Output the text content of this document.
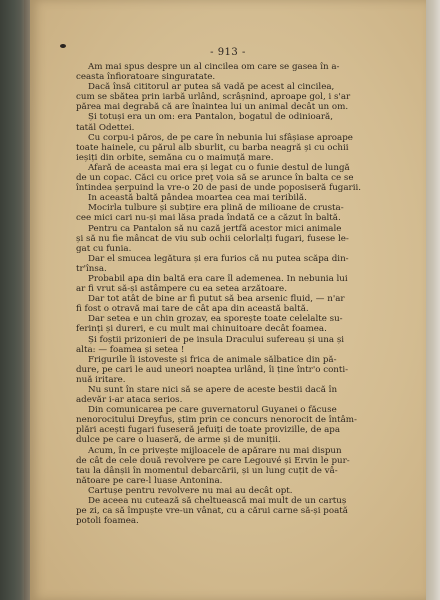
- 913 -
Am mai spus despre un al cincilea om care se gasea în a-
ceasta înfioratoare singuratate.
Dacă însă cititorul ar putea să vadă pe acest al cincilea,
cum se sbătea prin iarbă urlând, scrâșnind, aproape gol, i s'ar
părea mai degrabă că are înaintea lui un animal decât un om.
Și totuși era un om: era Pantalon, bogatul de odinioară,
tatăl Odettei.
Cu corpu-i păros, de pe care în nebunia lui sfâșiase aproape
toate hainele, cu părul alb sburlit, cu barba neagră și cu ochii
ieșiți din orbite, semăna cu o maimuță mare.
Afară de aceasta mai era și legat cu o funie destul de lungă
de un copac. Căci cu orice preț voia să se arunce în balta ce se
întindea șerpuind la vre-o 20 de pasi de unde poposiseră fugarii.
In această baltă pândea moartea cea mai teribilă.
Mocirla tulbure și subțire era plină de milioane de crusta-
cee mici cari nu-și mai lăsa prada îndată ce a căzut în baltă.
Pentru ca Pantalon să nu cază jertfă acestor mici animale
și să nu fie mâncat de viu sub ochii celorlalți fugari, fusese le-
gat cu funia.
Dar el smucea legătura și era furios că nu putea scăpa din-
tr'însa.
Probabil apa din baltă era care îl ademenea. In nebunia lui
ar fi vrut să-și astâmpere cu ea setea arzătoare.
Dar tot atât de bine ar fi putut să bea arsenic fluid, — n'ar
fi fost o otravă mai tare de cât apa din această baltă.
Dar setea e un chin grozav, ea sporește toate celelalte su-
ferinți și dureri, e cu mult mai chinuitoare decât foamea.
Și foștii prizonieri de pe insula Dracului sufereau și una și
alta: — foamea și setea !
Frigurile îi istoveste și frica de animale sălbatice din pă-
dure, pe cari le aud uneori noaptea urlând, îi ține într'o conti-
nuă iritare.
Nu sunt în stare nici să se apere de aceste bestii dacă în
adevăr i-ar ataca serios.
Din comunicarea pe care guvernatorul Guyanei o făcuse
nenorocitului Dreyfus, știm prin ce concurs nenorocit de întâm-
plări acești fugari fuseseră jefuiți de toate provizille, de apa
dulce pe care o luaseră, de arme și de muniții.
Acum, în ce privește mijloacele de apărare nu mai dispun
de cât de cele două revolvere pe care Legouvé și Ervin le pur-
tau la dânșii în momentul debarcării, și un lung cuțit de vâ-
nătoare pe care-l luase Antonina.
Cartușe pentru revolvere nu mai au decât opt.
De aceea nu cutează să cheltuească mai mult de un cartuș
pe zi, ca să împuște vre-un vânat, cu a cărui carne să-și poată
potoli foamea.
